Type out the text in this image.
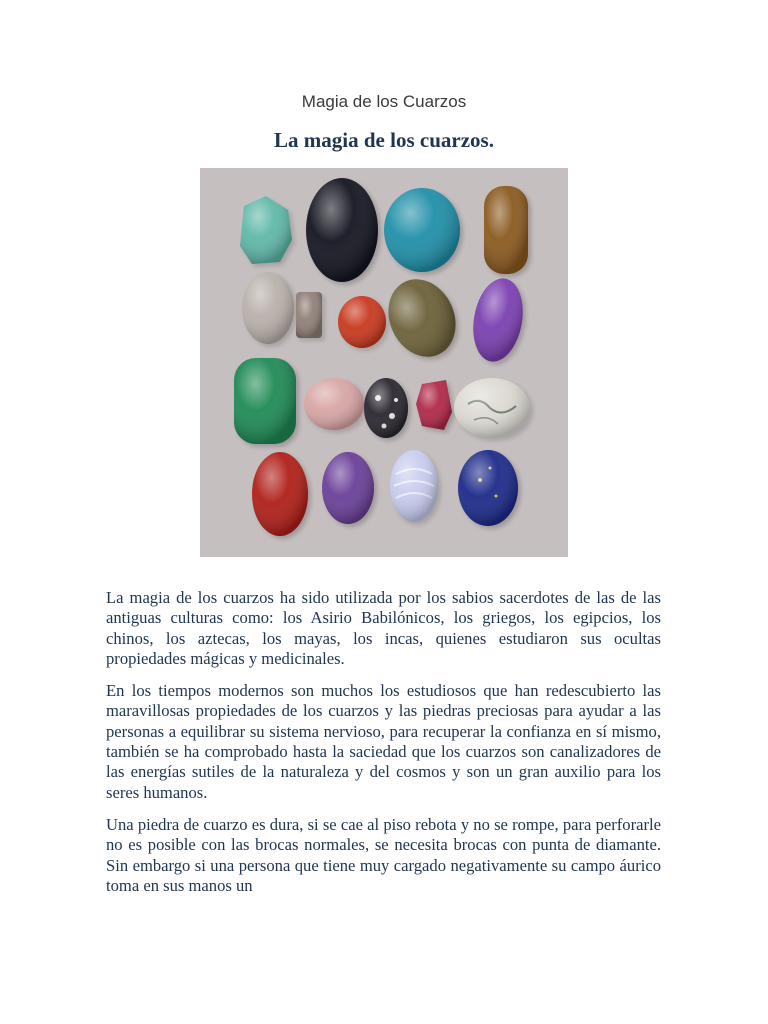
Magia de los Cuarzos
La magia de los cuarzos.

La magia de los cuarzos ha sido utilizada por los sabios sacerdotes de las de las antiguas culturas como: los Asirio Babilónicos, los griegos, los egipcios, los chinos, los aztecas, los mayas, los incas, quienes estudiaron sus ocultas propiedades mágicas y medicinales.

En los tiempos modernos son muchos los estudiosos que han redescubierto las maravillosas propiedades de los cuarzos y las piedras preciosas para ayudar a las personas a equilibrar su sistema nervioso, para recuperar la confianza en sí mismo, también se ha comprobado hasta la saciedad que los cuarzos son canalizadores de las energías sutiles de la naturaleza y del cosmos y son un gran auxilio para los seres humanos.

Una piedra de cuarzo es dura, si se cae al piso rebota y no se rompe, para perforarle no es posible con las brocas normales, se necesita brocas con punta de diamante. Sin embargo si una persona que tiene muy cargado negativamente su campo áurico toma en sus manos un
